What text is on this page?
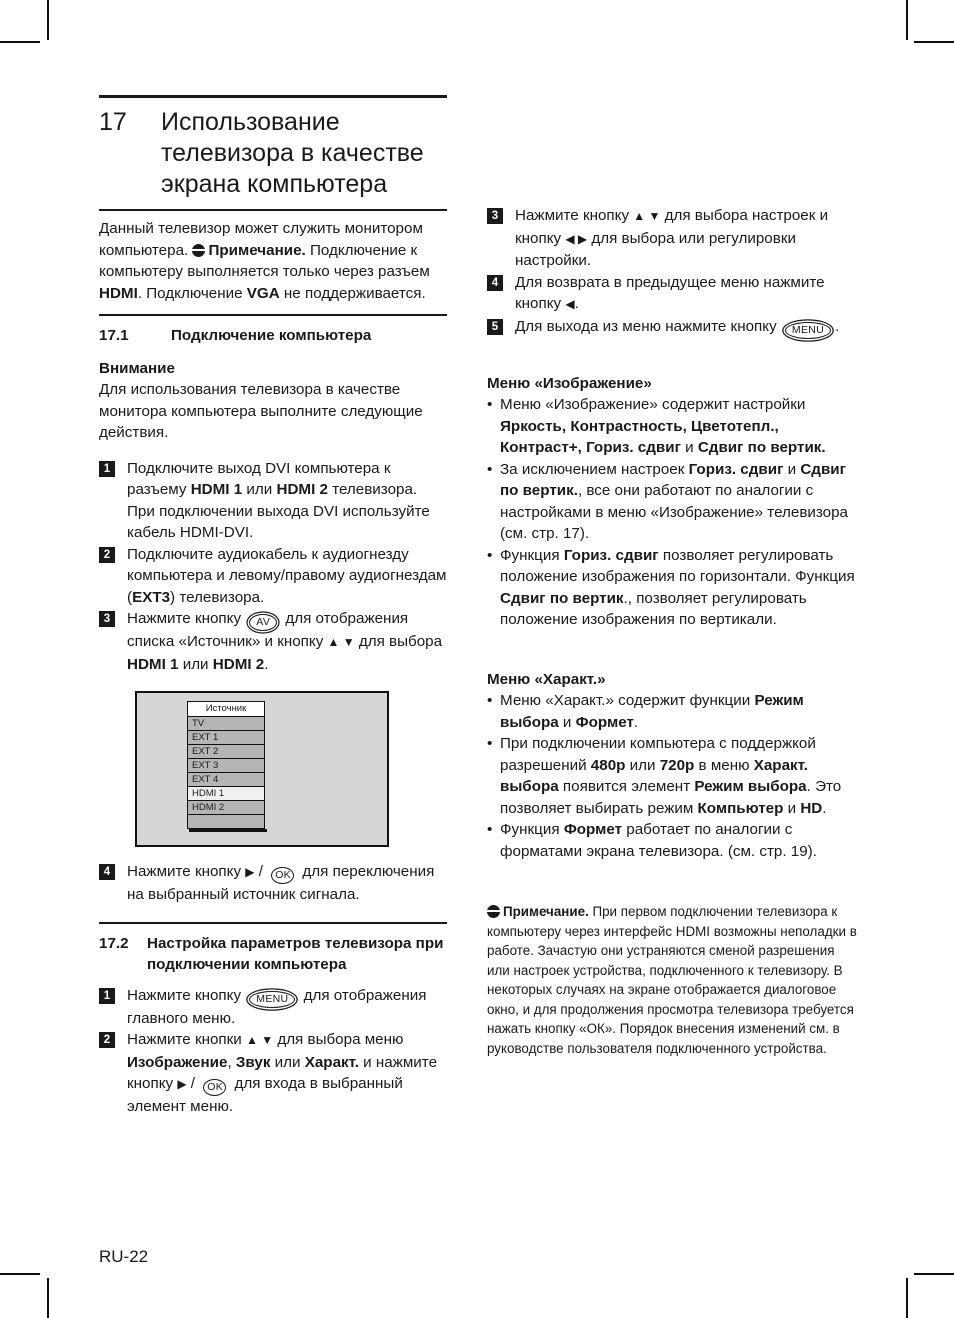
17	Использование
телевизора в качестве
экрана компьютера

Данный телевизор может служить монитором компьютера. Примечание. Подключение к компьютеру выполняется только через разъем HDMI. Подключение VGA не поддерживается.

17.1	Подключение компьютера

Внимание

Для использования телевизора в качестве монитора компьютера выполните следующие действия.

1	Подключите выход DVI компьютера к разъему HDMI 1 или HDMI 2 телевизора. При подключении выхода DVI используйте кабель HDMI-DVI.
2	Подключите аудиокабель к аудиогнезду компьютера и левому/правому аудиогнездам (EXT3) телевизора.
3	Нажмите кнопку AV для отображения списка «Источник» и кнопку ▲ ▼ для выбора HDMI 1 или HDMI 2.
Источник
TV
EXT 1
EXT 2
EXT 3
EXT 4
HDMI 1
HDMI 2
4	Нажмите кнопку ▶ / OK для переключения на выбранный источник сигнала.
17.2	Настройка параметров телевизора при подключении компьютера
1	Нажмите кнопку MENU для отображения главного меню.
2	Нажмите кнопки ▲ ▼ для выбора меню Изображение, Звук или Характ. и нажмите кнопку ▶ / OK для входа в выбранный элемент меню.
3	Нажмите кнопку ▲ ▼ для выбора настроек и кнопку ◀ ▶ для выбора или регулировки настройки.
4	Для возврата в предыдущее меню нажмите кнопку ◀.
5	Для выхода из меню нажмите кнопку MENU .

Меню «Изображение»

• Меню «Изображение» содержит настройки Яркость, Контрастность, Цветотепл., Контраст+, Гориз. сдвиг и Сдвиг по вертик.
• За исключением настроек Гориз. сдвиг и Сдвиг по вертик., все они работают по аналогии с настройками в меню «Изображение» телевизора (см. стр. 17).
• Функция Гориз. сдвиг позволяет регулировать положение изображения по горизонтали. Функция Сдвиг по вертик., позволяет регулировать положение изображения по вертикали.

Меню «Характ.»

• Меню «Характ.» содержит функции Режим выбора и Формет.
• При подключении компьютера с поддержкой разрешений 480p или 720p в меню Характ. выбора появится элемент Режим выбора. Это позволяет выбирать режим Компьютер и HD.
• Функция Формет работает по аналогии с форматами экрана телевизора. (см. стр. 19).

Примечание. При первом подключении телевизора к компьютеру через интерфейс HDMI возможны неполадки в работе. Зачастую они устраняются сменой разрешения или настроек устройства, подключенного к телевизору. В некоторых случаях на экране отображается диалоговое окно, и для продолжения просмотра телевизора требуется нажать кнопку «ОК». Порядок внесения изменений см. в руководстве пользователя подключенного устройства.

RU-22
